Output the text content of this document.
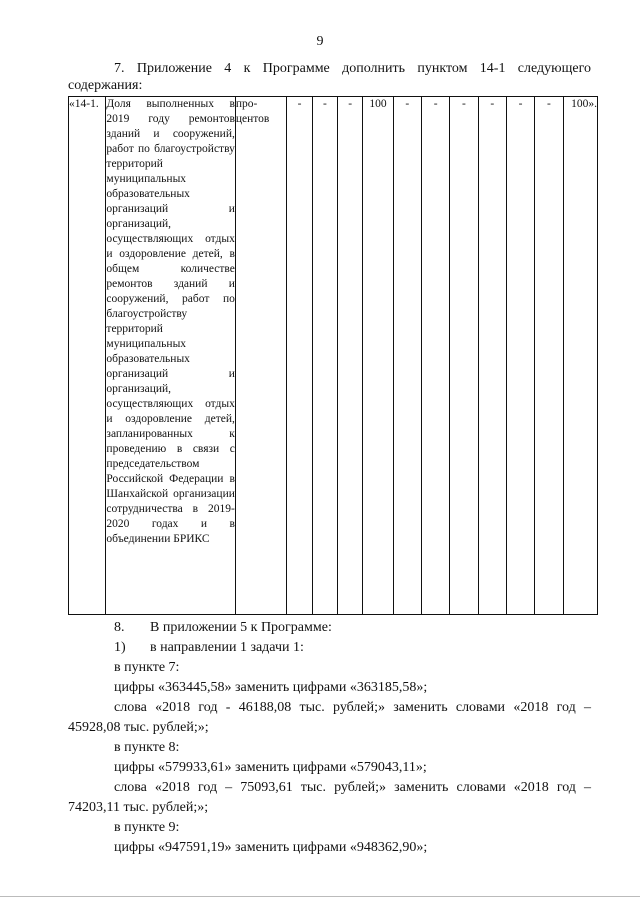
9
7. Приложение 4 к Программе дополнить пунктом 14-1 следующего содержания:
«14-1.	Доля выполненных в 2019 году ремонтов зданий и сооружений, работ по благоустройству территорий муниципальных образовательных организаций и организаций, осуществляющих отдых и оздоровление детей, в общем количестве ремонтов зданий и сооружений, работ по благоустройству территорий муниципальных образовательных организаций и организаций, осуществляющих отдых и оздоровление детей, запланированных к проведению в связи с председательством Российской Федерации в Шанхайской организации сотрудничества в 2019-2020 годах и в объединении БРИКС	про-
центов	-	-	-	100	-	-	-	-	-	-	100».

8. В приложении 5 к Программе:

1) в направлении 1 задачи 1:

в пункте 7:

цифры «363445,58» заменить цифрами «363185,58»;

слова «2018 год - 46188,08 тыс. рублей;» заменить словами «2018 год – 45928,08 тыс. рублей;»;

в пункте 8:

цифры «579933,61» заменить цифрами «579043,11»;

слова «2018 год – 75093,61 тыс. рублей;» заменить словами «2018 год – 74203,11 тыс. рублей;»;

в пункте 9:

цифры «947591,19» заменить цифрами «948362,90»;
